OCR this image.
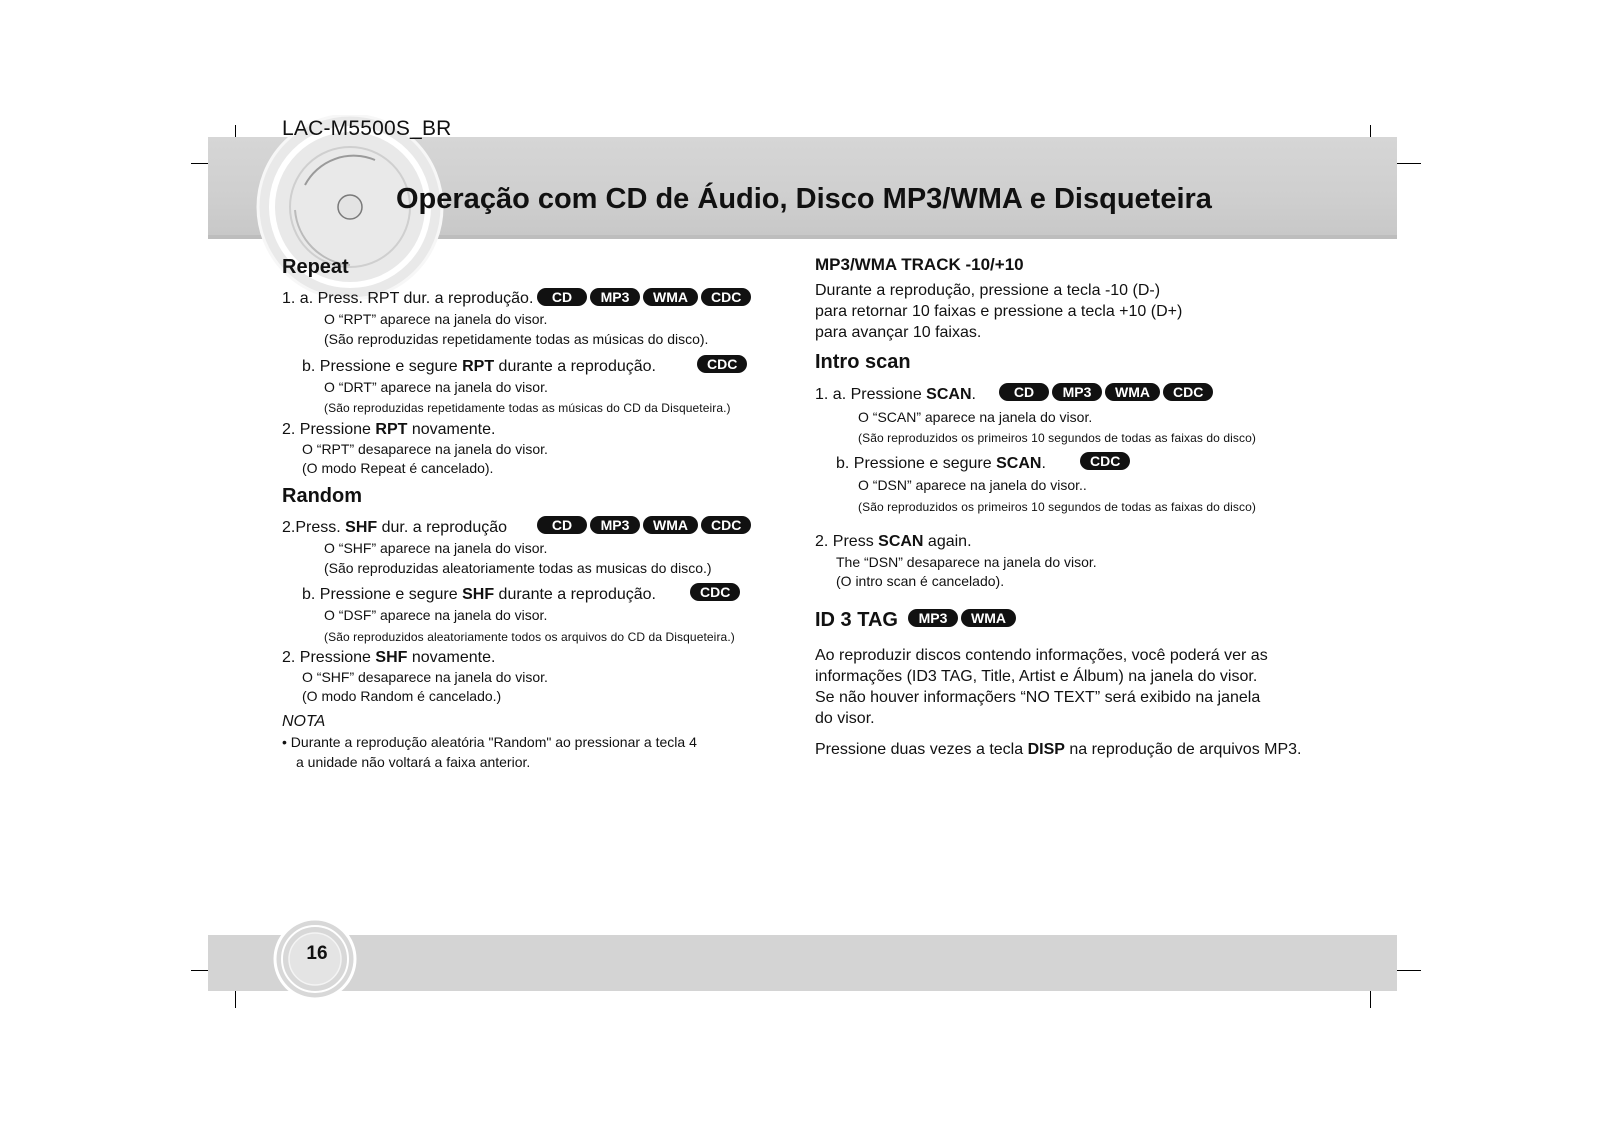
LAC-M5500S_BR
Operação com CD de Áudio, Disco MP3/WMA e Disqueteira
Repeat
1. a. Press. RPT dur. a reprodução.	CD MP3 WMA CDC
O “RPT” aparece na janela do visor.
(São reproduzidas repetidamente todas as músicas do disco).
b. Pressione e segure RPT durante a reprodução.	CDC
O “DRT” aparece na janela do visor.
(São reproduzidas repetidamente todas as músicas do CD da Disqueteira.)
2. Pressione RPT novamente.
O “RPT” desaparece na janela do visor.
(O modo Repeat é cancelado).
Random
2.Press. SHF dur. a reprodução	CD MP3 WMA CDC
O “SHF” aparece na janela do visor.
(São reproduzidas aleatoriamente todas as musicas do disco.)
b. Pressione e segure SHF durante a reprodução.	CDC
O “DSF” aparece na janela do visor.
(São reproduzidos aleatoriamente todos os arquivos do CD da Disqueteira.)
2. Pressione SHF novamente.
O “SHF” desaparece na janela do visor.
(O modo Random é cancelado.)
NOTA
• Durante a reprodução aleatória "Random" ao pressionar a tecla 4
a unidade não voltará a faixa anterior.
MP3/WMA TRACK -10/+10
Durante a reprodução, pressione a tecla -10 (D-)
para retornar 10 faixas e pressione a tecla +10 (D+)
para avançar 10 faixas.
Intro scan
1. a. Pressione SCAN.	CD MP3 WMA CDC
O “SCAN” aparece na janela do visor.
(São reproduzidos os primeiros 10 segundos de todas as faixas do disco)
b. Pressione e segure SCAN.	CDC
O “DSN” aparece na janela do visor..
(São reproduzidos os primeiros 10 segundos de todas as faixas do disco)
2. Press SCAN again.
The “DSN” desaparece na janela do visor.
(O intro scan é cancelado).
ID 3 TAG	MP3 WMA
Ao reproduzir discos contendo informações, você poderá ver as
informações (ID3 TAG, Title, Artist e Álbum) na janela do visor.
Se não houver informaçõers “NO TEXT” será exibido na janela
do visor.
Pressione duas vezes a tecla DISP na reprodução de arquivos MP3.
16
